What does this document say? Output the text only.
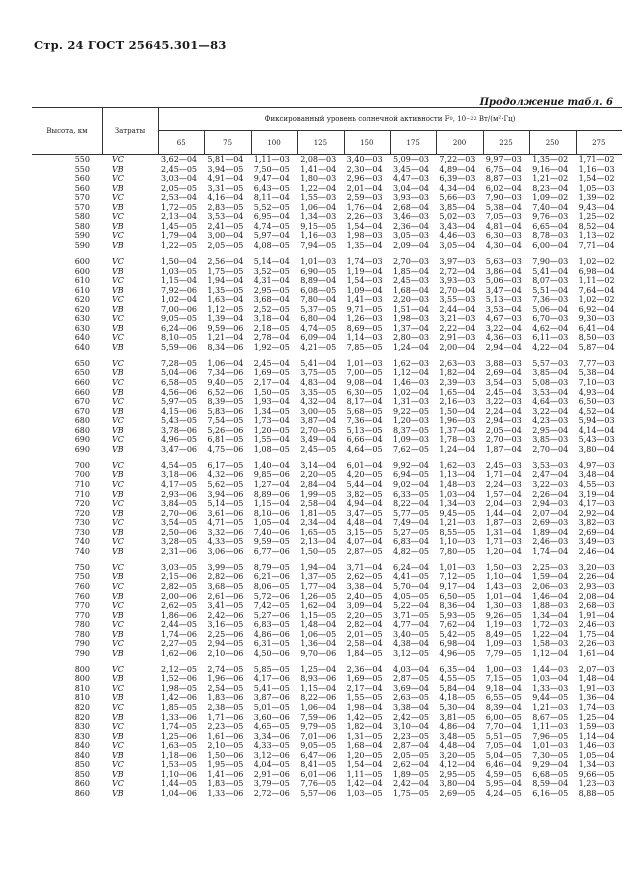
Стр. 24 ГОСТ 25645.301—83
Продолжение табл. 6
Высота, км	Затраты
Фиксированный уровень солнечной активности F 0 , 10 −22
Вт/(м²·Гц)
65	75	100	125	150	175	200	225	250	275
550	VC	3,62—04	5,81—04	1,11—03	2,08—03	3,40—03	5,09—03	7,22—03	9,97—03	1,35—02	1,71—02
550	VB	2,45—05	3,94—05	7,50—05	1,41—04	2,30—04	3,45—04	4,89—04	6,75—04	9,16—04	1,16—03
560	VC	3,03—04	4,91—04	9,47—04	1,80—03	2,96—03	4,47—03	6,39—03	8,87—03	1,21—02	1,54—02
560	VB	2,05—05	3,31—05	6,43—05	1,22—04	2,01—04	3,04—04	4,34—04	6,02—04	8,23—04	1,05—03
570	VC	2,53—04	4,16—04	8,11—04	1,55—03	2,59—03	3,93—03	5,66—03	7,90—03	1,09—02	1,39—02
570	VB	1,72—05	2,83—05	5,52—05	1,06—04	1,76—04	2,68—04	3,85—04	5,38—04	7,40—04	9,43—04
580	VC	2,13—04	3,53—04	6,95—04	1,34—03	2,26—03	3,46—03	5,02—03	7,05—03	9,76—03	1,25—02
580	VB	1,45—05	2,41—05	4,74—05	9,15—05	1,54—04	2,36—04	3,43—04	4,81—04	6,65—04	8,52—04
590	VC	1,79—04	3,00—04	5,97—04	1,16—03	1,98—03	3,05—03	4,46—03	6,30—03	8,78—03	1,13—02
590	VB	1,22—05	2,05—05	4,08—05	7,94—05	1,35—04	2,09—04	3,05—04	4,30—04	6,00—04	7,71—04
600	VC	1,50—04	2,56—04	5,14—04	1,01—03	1,74—03	2,70—03	3,97—03	5,63—03	7,90—03	1,02—02
600	VB	1,03—05	1,75—05	3,52—05	6,90—05	1,19—04	1,85—04	2,72—04	3,86—04	5,41—04	6,98—04
610	VC	1,15—04	1,94—04	4,31—04	8,89—04	1,54—03	2,45—03	3,93—03	5,06—03	8,07—03	1,11—02
610	VB	7,92—06	1,35—05	2,95—05	6,08—05	1,09—04	1,68—04	2,70—04	3,47—04	5,51—04	7,64—04
620	VC	1,02—04	1,63—04	3,68—04	7,80—04	1,41—03	2,20—03	3,55—03	5,13—03	7,36—03	1,02—02
620	VB	7,00—06	1,12—05	2,52—05	5,37—05	9,71—05	1,51—04	2,44—04	3,53—04	5,06—04	6,92—04
630	VC	9,05—05	1,39—04	3,18—04	6,80—04	1,26—03	1,98—03	3,21—03	4,67—03	6,70—03	9,30—03
630	VB	6,24—06	9,59—06	2,18—05	4,74—05	8,69—05	1,37—04	2,22—04	3,22—04	4,62—04	6,41—04
640	VC	8,10—05	1,21—04	2,78—04	6,09—04	1,14—03	2,80—03	2,91—03	4,36—03	6,11—03	8,50—03
640	VB	5,59—06	8,34—06	1,92—05	4,21—05	7,85—05	1,24—04	2,00—04	2,94—04	4,22—04	5,87—04
650	VC	7,28—05	1,06—04	2,45—04	5,41—04	1,01—03	1,62—03	2,63—03	3,88—03	5,57—03	7,77—03
650	VB	5,04—06	7,34—06	1,69—05	3,75—05	7,00—05	1,12—04	1,82—04	2,69—04	3,85—04	5,38—04
660	VC	6,58—05	9,40—05	2,17—04	4,83—04	9,08—04	1,46—03	2,39—03	3,54—03	5,08—03	7,10—03
660	VB	4,56—06	6,52—06	1,50—05	3,35—05	6,30—05	1,02—04	1,65—04	2,45—04	3,53—04	4,93—04
670	VC	5,97—05	8,39—05	1,93—04	4,32—04	8,17—04	1,31—03	2,16—03	3,22—03	4,64—03	6,50—03
670	VB	4,15—06	5,83—06	1,34—05	3,00—05	5,68—05	9,22—05	1,50—04	2,24—04	3,22—04	4,52—04
680	VC	5,43—05	7,54—05	1,73—04	3,87—04	7,36—04	1,20—03	1,96—03	2,94—03	4,23—03	5,94—03
680	VB	3,78—06	5,26—06	1,20—05	2,70—05	5,13—05	8,37—05	1,37—04	2,05—04	2,95—04	4,14—04
690	VC	4,96—05	6,81—05	1,55—04	3,49—04	6,66—04	1,09—03	1,78—03	2,70—03	3,85—03	5,43—03
690	VB	3,47—06	4,75—06	1,08—05	2,45—05	4,64—05	7,62—05	1,24—04	1,87—04	2,70—04	3,80—04
700	VC	4,54—05	6,17—05	1,40—04	3,14—04	6,01—04	9,92—04	1,62—03	2,45—03	3,53—03	4,97—03
700	VB	3,18—06	4,32—06	9,85—06	2,20—05	4,20—05	6,94—05	1,13—04	1,71—04	2,47—04	3,48—04
710	VC	4,17—05	5,62—05	1,27—04	2,84—04	5,44—04	9,02—04	1,48—03	2,24—03	3,22—03	4,55—03
710	VB	2,93—06	3,94—06	8,89—06	1,99—05	3,82—05	6,33—05	1,03—04	1,57—04	2,26—04	3,19—04
720	VC	3,84—05	5,14—05	1,15—04	2,58—04	4,94—04	8,22—04	1,34—03	2,04—03	2,94—03	4,17—03
720	VB	2,70—06	3,61—06	8,10—06	1,81—05	3,47—05	5,77—05	9,45—05	1,44—04	2,07—04	2,92—04
730	VC	3,54—05	4,71—05	1,05—04	2,34—04	4,48—04	7,49—04	1,21—03	1,87—03	2,69—03	3,82—03
730	VB	2,50—06	3,32—06	7,40—06	1,65—05	3,15—05	5,27—05	8,55—05	1,31—04	1,89—04	2,69—04
740	VC	3,28—05	4,33—05	9,59—05	2,13—04	4,07—04	6,83—04	1,10—03	1,71—03	2,46—03	3,49—03
740	VB	2,31—06	3,06—06	6,77—06	1,50—05	2,87—05	4,82—05	7,80—05	1,20—04	1,74—04	2,46—04
750	VC	3,03—05	3,99—05	8,79—05	1,94—04	3,71—04	6,24—04	1,01—03	1,50—03	2,25—03	3,20—03
750	VB	2,15—06	2,82—06	6,21—06	1,37—05	2,62—05	4,41—05	7,12—05	1,10—04	1,59—04	2,26—04
760	VC	2,82—05	3,68—05	8,06—05	1,77—04	3,38—04	5,70—04	9,17—04	1,43—03	2,06—03	2,93—03
760	VB	2,00—06	2,61—06	5,72—06	1,26—05	2,40—05	4,05—05	6,50—05	1,01—04	1,46—04	2,08—04
770	VC	2,62—05	3,41—05	7,42—05	1,62—04	3,09—04	5,22—04	8,36—04	1,30—03	1,88—03	2,68—03
770	VB	1,86—06	2,42—06	5,27—06	1,15—05	2,20—05	3,71—05	5,93—05	9,26—05	1,34—04	1,91—04
780	VC	2,44—05	3,16—05	6,83—05	1,48—04	2,82—04	4,77—04	7,62—04	1,19—03	1,72—03	2,46—03
780	VB	1,74—06	2,25—06	4,86—06	1,06—05	2,01—05	3,40—05	5,42—05	8,49—05	1,22—04	1,75—04
790	VC	2,27—05	2,94—05	6,31—05	1,36—04	2,58—04	4,38—04	6,98—04	1,09—03	1,58—03	2,26—03
790	VB	1,62—06	2,10—06	4,50—06	9,70—06	1,84—05	3,12—05	4,96—05	7,79—05	1,12—04	1,61—04
800	VC	2,12—05	2,74—05	5,85—05	1,25—04	2,36—04	4,03—04	6,35—04	1,00—03	1,44—03	2,07—03
800	VB	1,52—06	1,96—06	4,17—06	8,93—06	1,69—05	2,87—05	4,55—05	7,15—05	1,03—04	1,48—04
810	VC	1,98—05	2,54—05	5,41—05	1,15—04	2,17—04	3,69—04	5,84—04	9,18—04	1,33—03	1,91—03
810	VB	1,42—06	1,83—06	3,87—06	8,22—06	1,55—05	2,63—05	4,18—05	6,55—05	9,44—05	1,36—04
820	VC	1,85—05	2,38—05	5,01—05	1,06—04	1,98—04	3,38—04	5,30—04	8,39—04	1,21—03	1,74—03
820	VB	1,33—06	1,71—06	3,60—06	7,59—06	1,42—05	2,42—05	3,81—05	6,00—05	8,67—05	1,25—04
830	VC	1,74—05	2,23—05	4,65—05	9,79—05	1,82—04	3,10—04	4,86—04	7,70—04	1,11—03	1,59—03
830	VB	1,25—06	1,61—06	3,34—06	7,01—06	1,31—05	2,23—05	3,48—05	5,51—05	7,96—05	1,14—04
840	VC	1,63—05	2,10—05	4,33—05	9,05—05	1,68—04	2,87—04	4,48—04	7,05—04	1,01—03	1,46—03
840	VB	1,18—06	1,50—06	3,12—06	6,47—06	1,20—05	2,05—05	3,20—05	5,04—05	7,30—05	1,05—04
850	VC	1,53—05	1,95—05	4,04—05	8,41—05	1,54—04	2,62—04	4,12—04	6,46—04	9,29—04	1,34—03
850	VB	1,10—06	1,41—06	2,91—06	6,01—06	1,11—05	1,89—05	2,95—05	4,59—05	6,68—05	9,66—05
860	VC	1,44—05	1,83—05	3,79—05	7,76—05	1,42—04	2,42—04	3,80—04	5,95—04	8,59—04	1,23—03
860	VB	1,04—06	1,33—06	2,72—06	5,57—06	1,03—05	1,75—05	2,69—05	4,24—05	6,16—05	8,88—05
